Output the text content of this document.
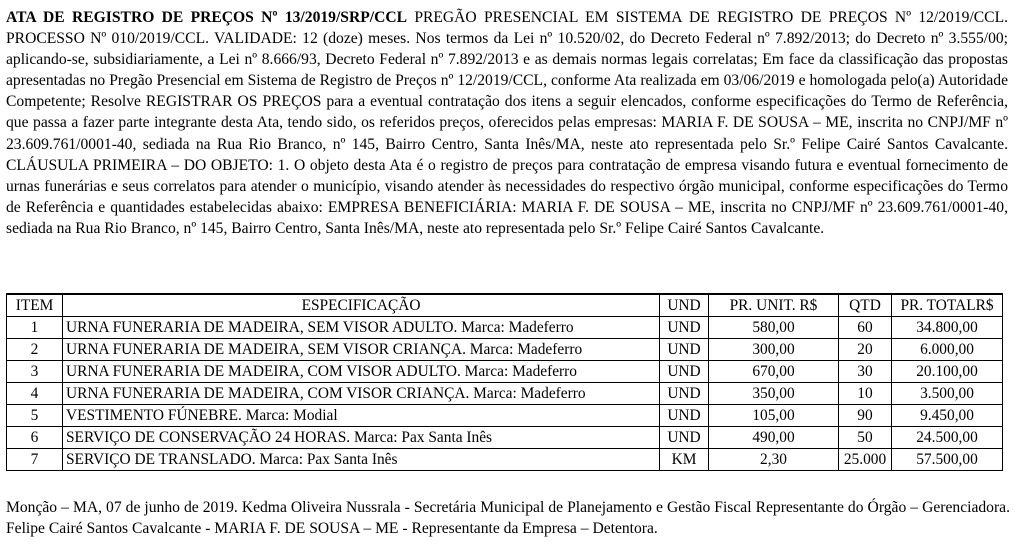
ATA DE REGISTRO DE PREÇOS Nº 13/2019/SRP/CCL PREGÃO PRESENCIAL EM SISTEMA DE REGISTRO DE PREÇOS Nº 12/2019/CCL. PROCESSO Nº 010/2019/CCL. VALIDADE: 12 (doze) meses. Nos termos da Lei nº 10.520/02, do Decreto Federal nº 7.892/2013; do Decreto nº 3.555/00; aplicando-se, subsidiariamente, a Lei nº 8.666/93, Decreto Federal nº 7.892/2013 e as demais normas legais correlatas; Em face da classificação das propostas apresentadas no Pregão Presencial em Sistema de Registro de Preços nº 12/2019/CCL, conforme Ata realizada em 03/06/2019 e homologada pelo(a) Autoridade Competente; Resolve REGISTRAR OS PREÇOS para a eventual contratação dos itens a seguir elencados, conforme especificações do Termo de Referência, que passa a fazer parte integrante desta Ata, tendo sido, os referidos preços, oferecidos pelas empresas: MARIA F. DE SOUSA – ME, inscrita no CNPJ/MF nº 23.609.761/0001-40, sediada na Rua Rio Branco, nº 145, Bairro Centro, Santa Inês/MA, neste ato representada pelo Sr.º Felipe Cairé Santos Cavalcante. CLÁUSULA PRIMEIRA – DO OBJETO: 1. O objeto desta Ata é o registro de preços para contratação de empresa visando futura e eventual fornecimento de urnas funerárias e seus correlatos para atender o município, visando atender às necessidades do respectivo órgão municipal, conforme especificações do Termo de Referência e quantidades estabelecidas abaixo: EMPRESA BENEFICIÁRIA: MARIA F. DE SOUSA – ME, inscrita no CNPJ/MF nº 23.609.761/0001-40, sediada na Rua Rio Branco, nº 145, Bairro Centro, Santa Inês/MA, neste ato representada pelo Sr.º Felipe Cairé Santos Cavalcante.

ITEM	ESPECIFICAÇÃO	UND	PR. UNIT. R$	QTD	PR. TOTALR$
1	URNA FUNERARIA DE MADEIRA, SEM VISOR ADULTO. Marca: Madeferro	UND	580,00	60	34.800,00
2	URNA FUNERARIA DE MADEIRA, SEM VISOR CRIANÇA. Marca: Madeferro	UND	300,00	20	6.000,00
3	URNA FUNERARIA DE MADEIRA, COM VISOR ADULTO. Marca: Madeferro	UND	670,00	30	20.100,00
4	URNA FUNERARIA DE MADEIRA, COM VISOR CRIANÇA. Marca: Madeferro	UND	350,00	10	3.500,00
5	VESTIMENTO FÚNEBRE. Marca: Modial	UND	105,00	90	9.450,00
6	SERVIÇO DE CONSERVAÇÃO 24 HORAS. Marca: Pax Santa Inês	UND	490,00	50	24.500,00
7	SERVIÇO DE TRANSLADO. Marca: Pax Santa Inês	KM	2,30	25.000	57.500,00

Monção – MA, 07 de junho de 2019. Kedma Oliveira Nussrala - Secretária Municipal de Planejamento e Gestão Fiscal Representante do Órgão – Gerenciadora. Felipe Cairé Santos Cavalcante - MARIA F. DE SOUSA – ME - Representante da Empresa – Detentora.
